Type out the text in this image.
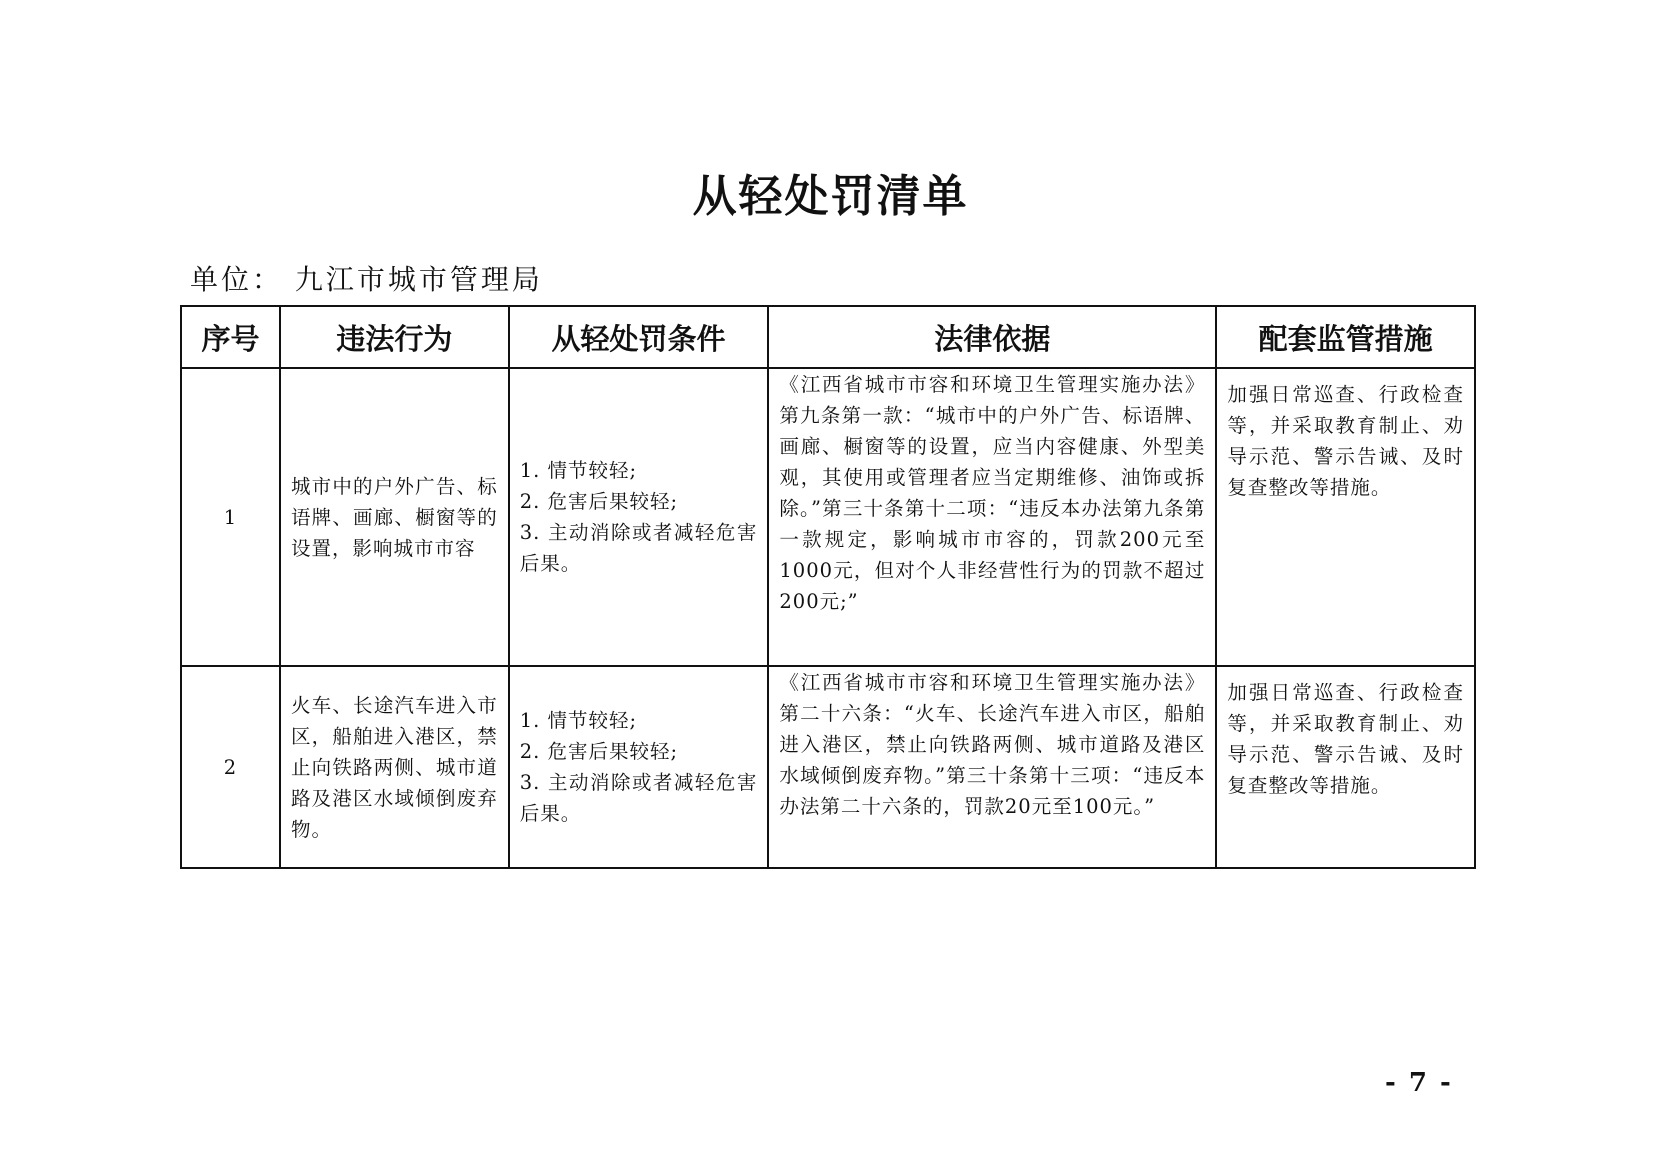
从轻处罚清单
单位： 九江市城市管理局
序号	违法行为	从轻处罚条件	法律依据	配套监管措施
1	城市中的户外广告、标语牌、画廊、橱窗等的设置，影响城市市容	1. 情节较轻;
2. 危害后果较轻;
3. 主动消除或者减轻危害后果。	《江西省城市市容和环境卫生管理实施办法》第九条第一款：“城市中的户外广告、标语牌、画廊、橱窗等的设置，应当内容健康、外型美观，其使用或管理者应当定期维修、油饰或拆除。”第三十条第十二项：“违反本办法第九条第一款规定，影响城市市容的，罚款200元至1000元，但对个人非经营性行为的罚款不超过200元;”	加强日常巡查、行政检查等，并采取教育制止、劝导示范、警示告诫、及时复查整改等措施。
2	火车、长途汽车进入市区，船舶进入港区，禁止向铁路两侧、城市道路及港区水域倾倒废弃物。	1. 情节较轻;
2. 危害后果较轻;
3. 主动消除或者减轻危害后果。	《江西省城市市容和环境卫生管理实施办法》第二十六条：“火车、长途汽车进入市区，船舶进入港区，禁止向铁路两侧、城市道路及港区水域倾倒废弃物。”第三十条第十三项：“违反本办法第二十六条的，罚款20元至100元。”	加强日常巡查、行政检查等，并采取教育制止、劝导示范、警示告诫、及时复查整改等措施。
- 7 -
